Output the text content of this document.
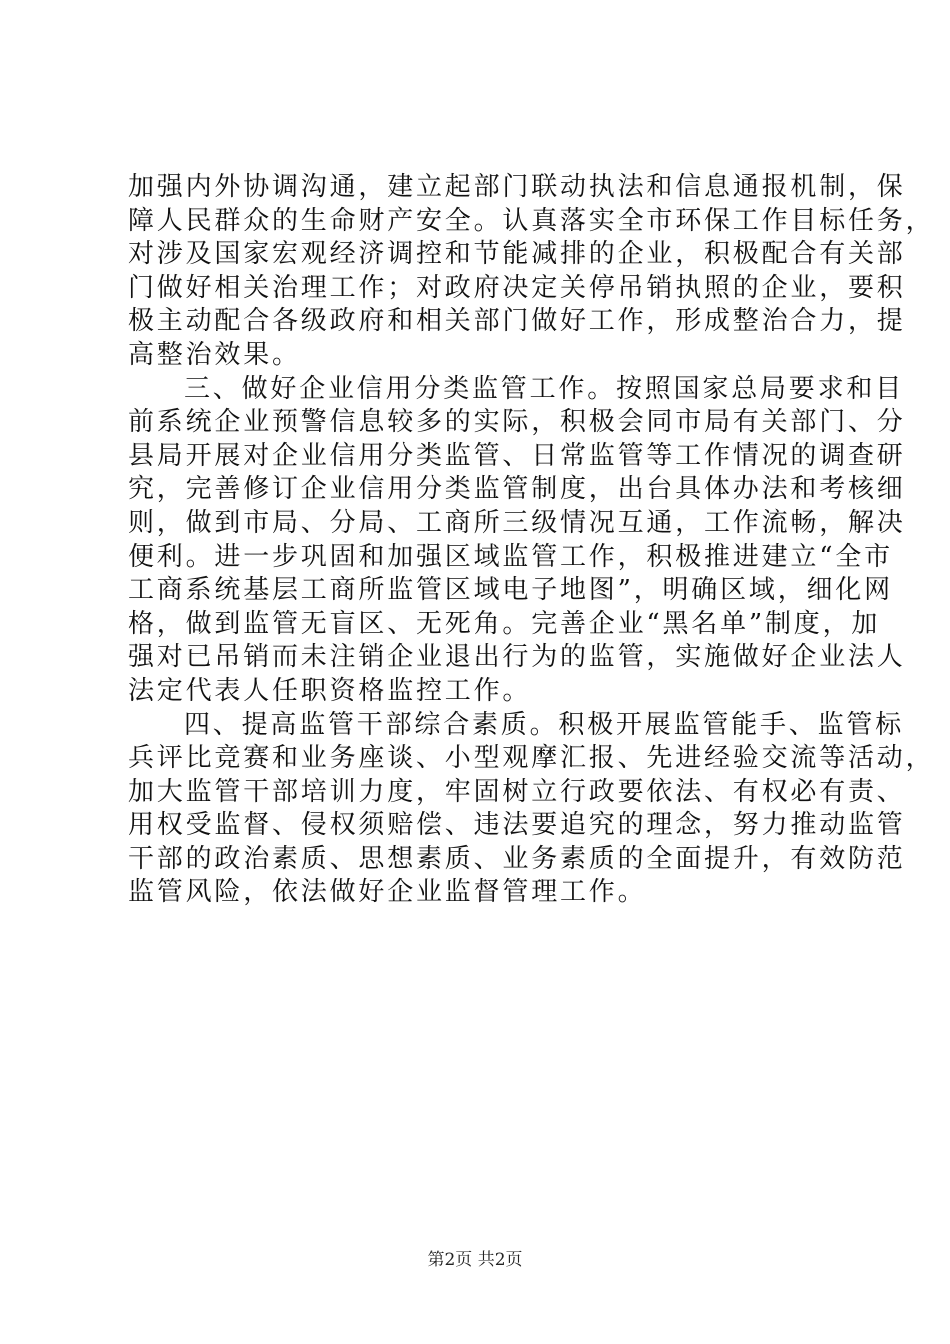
加强内外协调沟通，建立起部门联动执法和信息通报机制，保
障人民群众的生命财产安全。认真落实全市环保工作目标任务，
对涉及国家宏观经济调控和节能减排的企业，积极配合有关部
门做好相关治理工作；对政府决定关停吊销执照的企业，要积
极主动配合各级政府和相关部门做好工作，形成整治合力，提
高整治效果。
三、做好企业信用分类监管工作。按照国家总局要求和目
前系统企业预警信息较多的实际，积极会同市局有关部门、分
县局开展对企业信用分类监管、日常监管等工作情况的调查研
究，完善修订企业信用分类监管制度，出台具体办法和考核细
则，做到市局、分局、工商所三级情况互通，工作流畅，解决
便利。进一步巩固和加强区域监管工作，积极推进建立“全市
工商系统基层工商所监管区域电子地图”，明确区域，细化网
格，做到监管无盲区、无死角。完善企业“黑名单”制度，加
强对已吊销而未注销企业退出行为的监管，实施做好企业法人
法定代表人任职资格监控工作。
四、提高监管干部综合素质。积极开展监管能手、监管标
兵评比竞赛和业务座谈、小型观摩汇报、先进经验交流等活动，
加大监管干部培训力度，牢固树立行政要依法、有权必有责、
用权受监督、侵权须赔偿、违法要追究的理念，努力推动监管
干部的政治素质、思想素质、业务素质的全面提升，有效防范
监管风险，依法做好企业监督管理工作。
第2页 共2页
